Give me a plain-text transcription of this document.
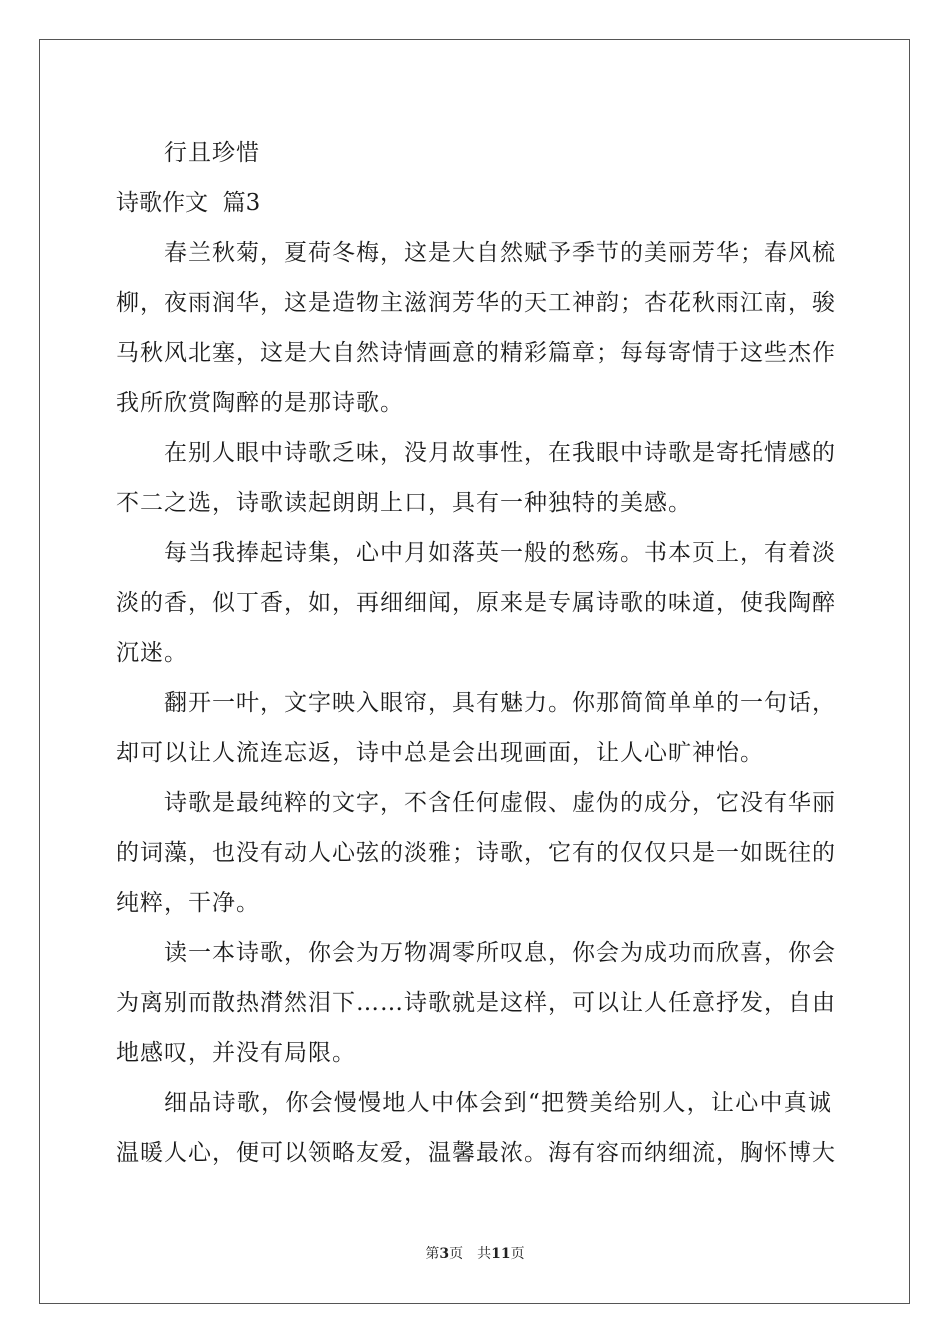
行且珍惜
诗歌作文  篇3
春兰秋菊，夏荷冬梅，这是大自然赋予季节的美丽芳华；春风梳
柳，夜雨润华，这是造物主滋润芳华的天工神韵；杏花秋雨江南，骏
马秋风北塞，这是大自然诗情画意的精彩篇章；每每寄情于这些杰作
我所欣赏陶醉的是那诗歌。
在别人眼中诗歌乏味，没月故事性，在我眼中诗歌是寄托情感的
不二之选，诗歌读起朗朗上口，具有一种独特的美感。
每当我捧起诗集，心中月如落英一般的愁殇。书本页上，有着淡
淡的香，似丁香，如，再细细闻，原来是专属诗歌的味道，使我陶醉
沉迷。
翻开一叶，文字映入眼帘，具有魅力。你那简简单单的一句话，
却可以让人流连忘返，诗中总是会出现画面，让人心旷神怡。
诗歌是最纯粹的文字，不含任何虚假、虚伪的成分，它没有华丽
的词藻，也没有动人心弦的淡雅；诗歌，它有的仅仅只是一如既往的
纯粹，干净。
读一本诗歌，你会为万物凋零所叹息，你会为成功而欣喜，你会
为离别而散热潸然泪下……诗歌就是这样，可以让人任意抒发，自由
地感叹，并没有局限。
细品诗歌，你会慢慢地人中体会到“把赞美给别人，让心中真诚
温暖人心，便可以领略友爱，温馨最浓。海有容而纳细流，胸怀博大
第3页 共11页
